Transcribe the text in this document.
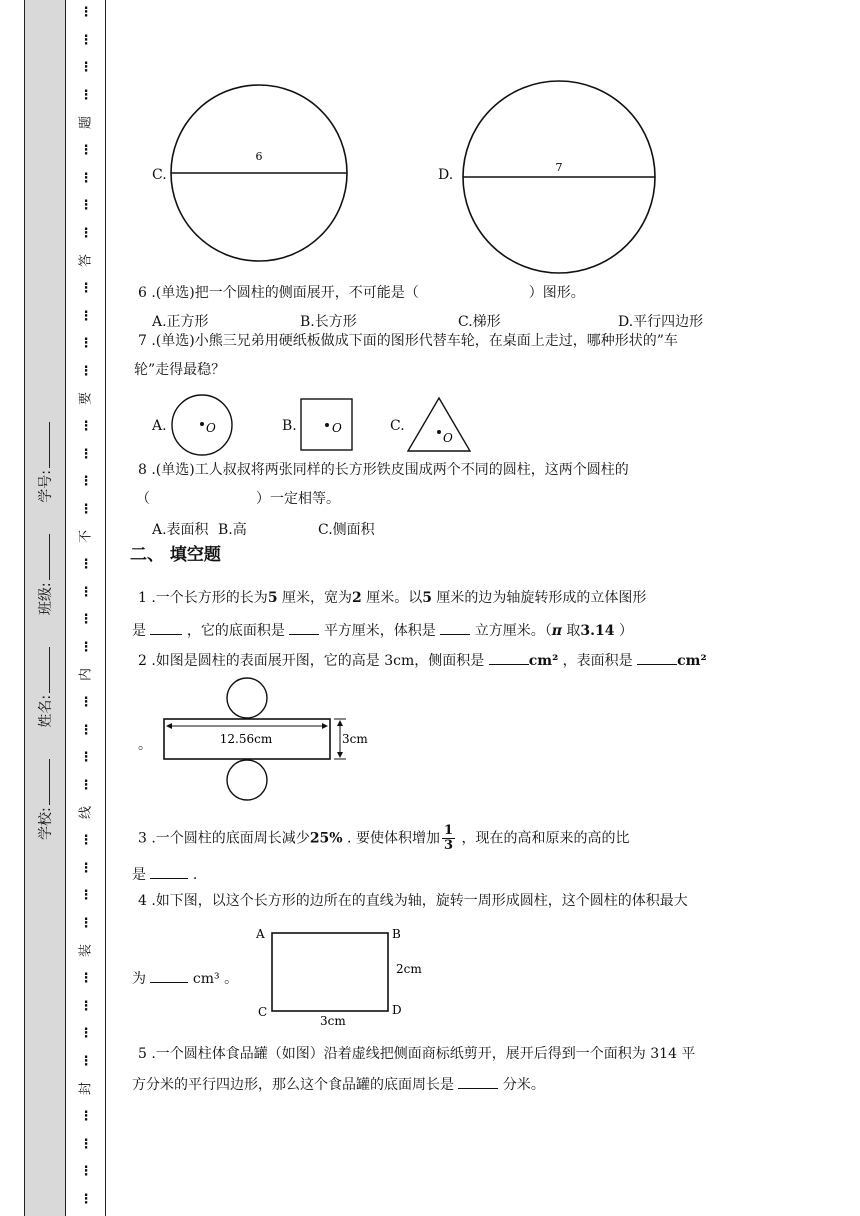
学校:
姓名:
班级:
学号:
⋮
⋮
⋮
⋮
题
⋮
⋮
⋮
⋮
答
⋮
⋮
⋮
⋮
要
⋮
⋮
⋮
⋮
不
⋮
⋮
⋮
⋮
内
⋮
⋮
⋮
⋮
线
⋮
⋮
⋮
⋮
装
⋮
⋮
⋮
⋮
封
⋮
⋮
⋮
⋮
C.
6
D.	7
6 .(单选)把一个圆柱的侧面展开，不可能是（	）图形。
A.正方形	B.长方形	C.梯形	D.平行四边形
7 .(单选)小熊三兄弟用硬纸板做成下面的图形代替车轮，在桌面上走过，哪种形状的”车
轮”走得最稳？
A.	O	B.	O	C.
O
8 .(单选)工人叔叔将两张同样的长方形铁皮围成两个不同的圆柱，这两个圆柱的
（	）一定相等。
A.表面积 B.高	C.侧面积
二、 填空题
1 .一个长方形的长为5 厘米，宽为2 厘米。以5 厘米的边为轴旋转形成的立体图形
是	，它的底面积是	平方厘米，体积是	立方厘米。（π 取3.14 ）
2 .如图是圆柱的表面展开图，它的高是 3cm，侧面积是	cm² ，表面积是	cm²
。	12.56cm	3cm
3 .一个圆柱的底面周长减少25% . 要使体积增加 $\frac{1}{3}$ ，现在的高和原来的高的比
是	.
4 .如下图，以这个长方形的边所在的直线为轴，旋转一周形成圆柱，这个圆柱的体积最大
为	cm³ 。
A	B
C	D
2cm
3cm
5 .一个圆柱体食品罐（如图）沿着虚线把侧面商标纸剪开，展开后得到一个面积为 314 平
方分米的平行四边形，那么这个食品罐的底面周长是	分米。
